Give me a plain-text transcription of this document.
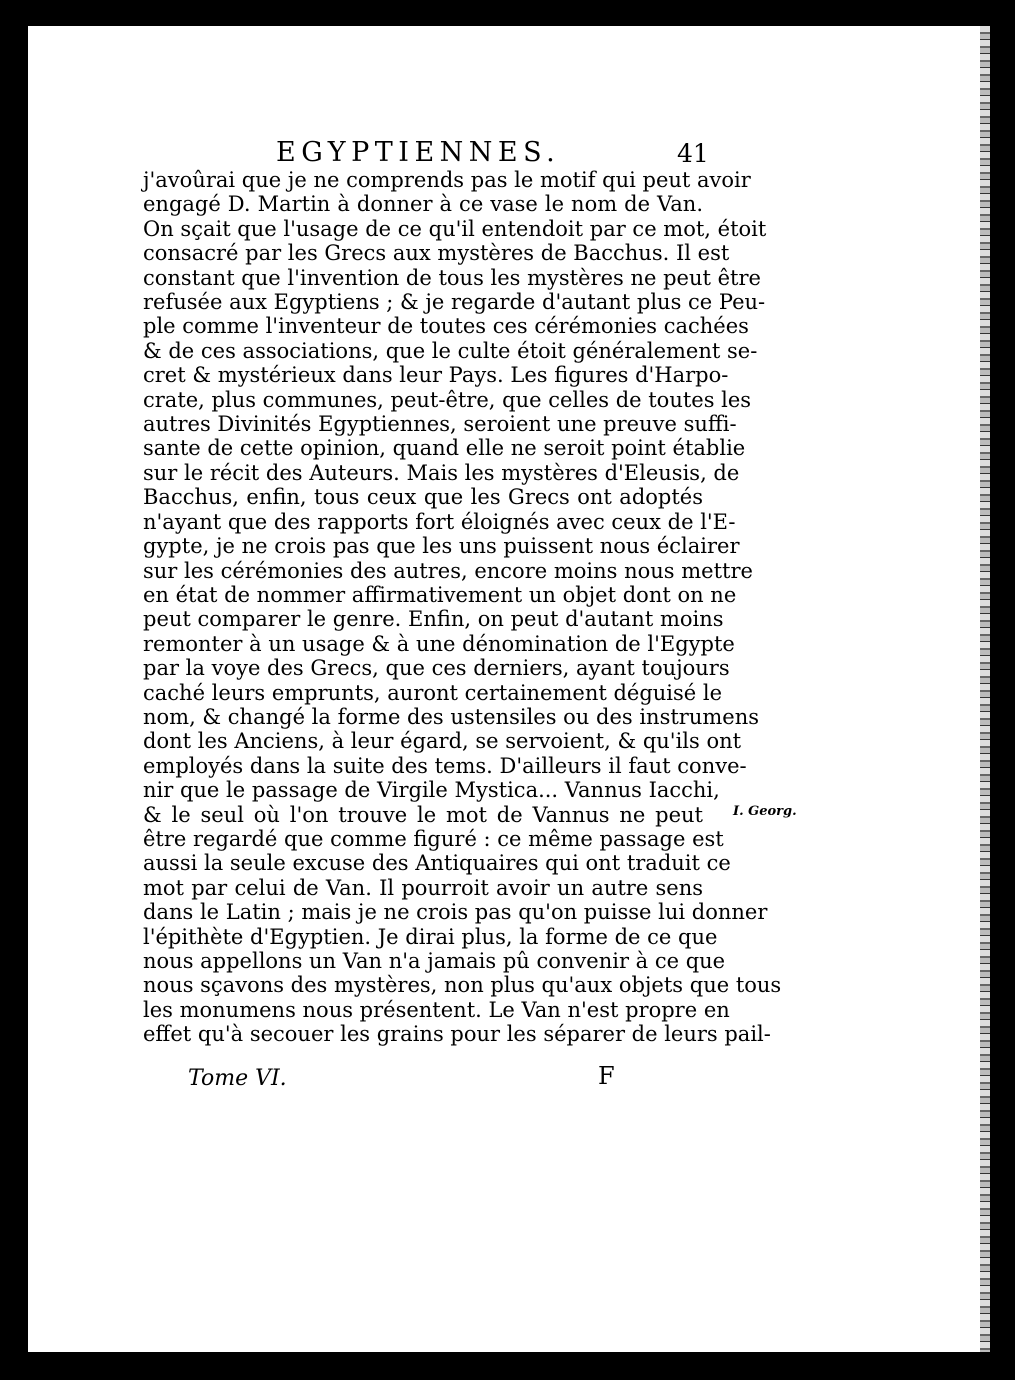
EGYPTIENNES.	41
j'avoûrai que je ne comprends pas le motif qui peut avoir
engagé D. Martin à donner à ce vase le nom de Van.
On sçait que l'usage de ce qu'il entendoit par ce mot, étoit
consacré par les Grecs aux mystères de Bacchus. Il est
constant que l'invention de tous les mystères ne peut être
refusée aux Egyptiens ; & je regarde d'autant plus ce Peu-
ple comme l'inventeur de toutes ces cérémonies cachées
& de ces associations, que le culte étoit généralement se-
cret & mystérieux dans leur Pays. Les figures d'Harpo-
crate, plus communes, peut-être, que celles de toutes les
autres Divinités Egyptiennes, seroient une preuve suffi-
sante de cette opinion, quand elle ne seroit point établie
sur le récit des Auteurs. Mais les mystères d'Eleusis, de
Bacchus, enfin, tous ceux que les Grecs ont adoptés
n'ayant que des rapports fort éloignés avec ceux de l'E-
gypte, je ne crois pas que les uns puissent nous éclairer
sur les cérémonies des autres, encore moins nous mettre
en état de nommer affirmativement un objet dont on ne
peut comparer le genre. Enfin, on peut d'autant moins
remonter à un usage & à une dénomination de l'Egypte
par la voye des Grecs, que ces derniers, ayant toujours
caché leurs emprunts, auront certainement déguisé le
nom, & changé la forme des ustensiles ou des instrumens
dont les Anciens, à leur égard, se servoient, & qu'ils ont
employés dans la suite des tems. D'ailleurs il faut conve-
nir que le passage de Virgile Mystica... Vannus Iacchi,
& le seul où l'on trouve le mot de Vannus ne peut
être regardé que comme figuré : ce même passage est
aussi la seule excuse des Antiquaires qui ont traduit ce
mot par celui de Van. Il pourroit avoir un autre sens
dans le Latin ; mais je ne crois pas qu'on puisse lui donner
l'épithète d'Egyptien. Je dirai plus, la forme de ce que
nous appellons un Van n'a jamais pû convenir à ce que
nous sçavons des mystères, non plus qu'aux objets que tous
les monumens nous présentent. Le Van n'est propre en
effet qu'à secouer les grains pour les séparer de leurs pail-
I. Georg.
Tome VI.	F
